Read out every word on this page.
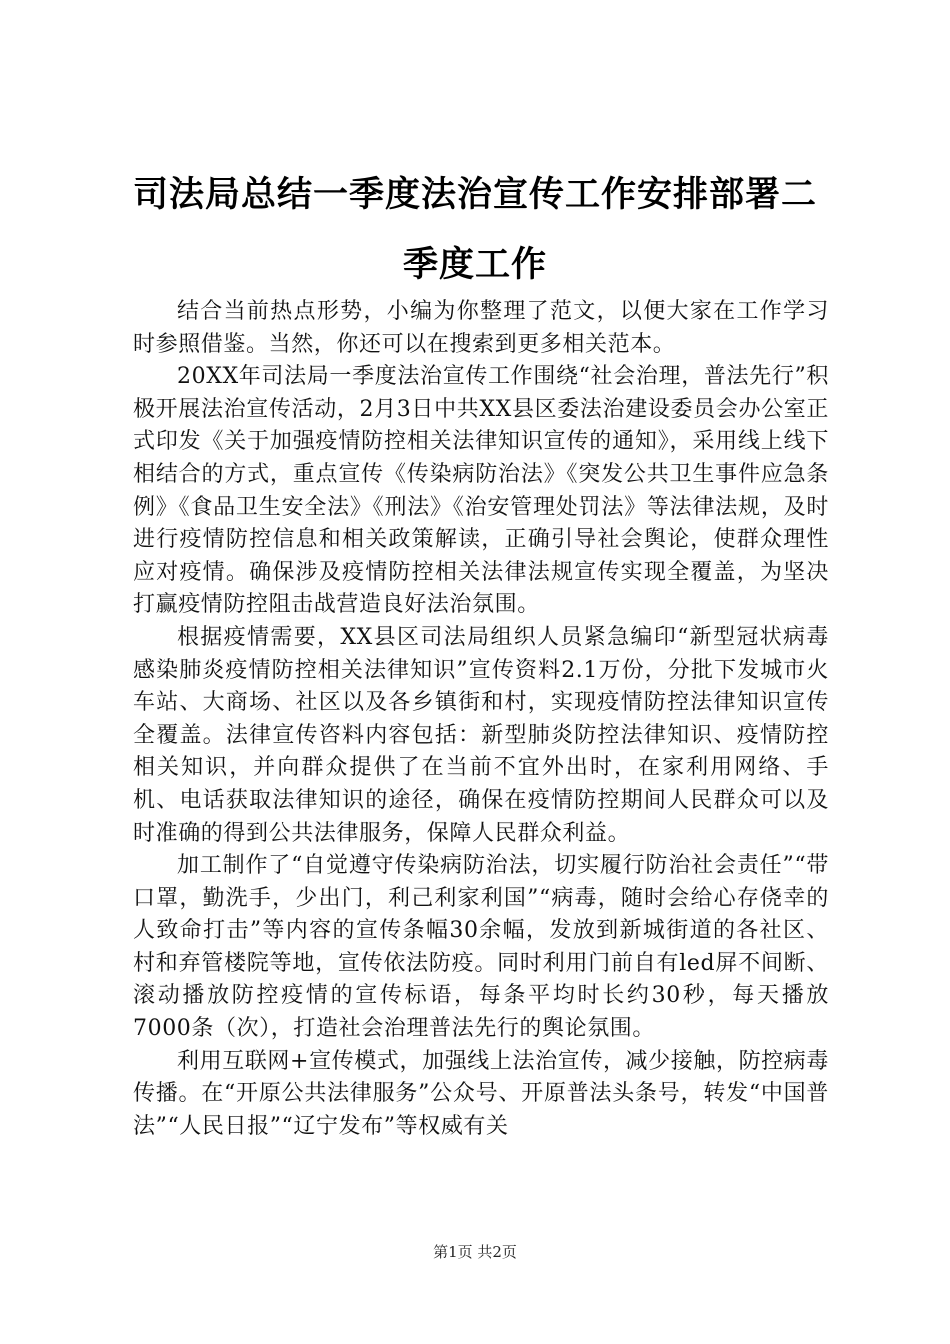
司法局总结一季度法治宣传工作安排部署二季度工作

结合当前热点形势，小编为你整理了范文，以便大家在工作学习时参照借鉴。当然，你还可以在搜索到更多相关范本。

20XX年司法局一季度法治宣传工作围绕“社会治理，普法先行”积极开展法治宣传活动，2月3日中共XX县区委法治建设委员会办公室正式印发《关于加强疫情防控相关法律知识宣传的通知》，采用线上线下相结合的方式，重点宣传《传染病防治法》《突发公共卫生事件应急条例》《食品卫生安全法》《刑法》《治安管理处罚法》等法律法规，及时进行疫情防控信息和相关政策解读，正确引导社会舆论，使群众理性应对疫情。确保涉及疫情防控相关法律法规宣传实现全覆盖，为坚决打赢疫情防控阻击战营造良好法治氛围。

根据疫情需要，XX县区司法局组织人员紧急编印“新型冠状病毒感染肺炎疫情防控相关法律知识”宣传资料2.1万份，分批下发城市火车站、大商场、社区以及各乡镇街和村，实现疫情防控法律知识宣传全覆盖。法律宣传咨料内容包括：新型肺炎防控法律知识、疫情防控相关知识，并向群众提供了在当前不宜外出时，在家利用网络、手机、电话获取法律知识的途径，确保在疫情防控期间人民群众可以及时准确的得到公共法律服务，保障人民群众利益。

加工制作了“自觉遵守传染病防治法，切实履行防治社会责任”“带口罩，勤洗手，少出门，利己利家利国”“病毒，随时会给心存侥幸的人致命打击”等内容的宣传条幅30余幅，发放到新城街道的各社区、村和弃管楼院等地，宣传依法防疫。同时利用门前自有led屏不间断、滚动播放防控疫情的宣传标语，每条平均时长约30秒，每天播放7000条（次），打造社会治理普法先行的舆论氛围。

利用互联网+宣传模式，加强线上法治宣传，减少接触，防控病毒传播。在“开原公共法律服务”公众号、开原普法头条号，转发“中国普法”“人民日报”“辽宁发布”等权威有关

第1页 共2页
